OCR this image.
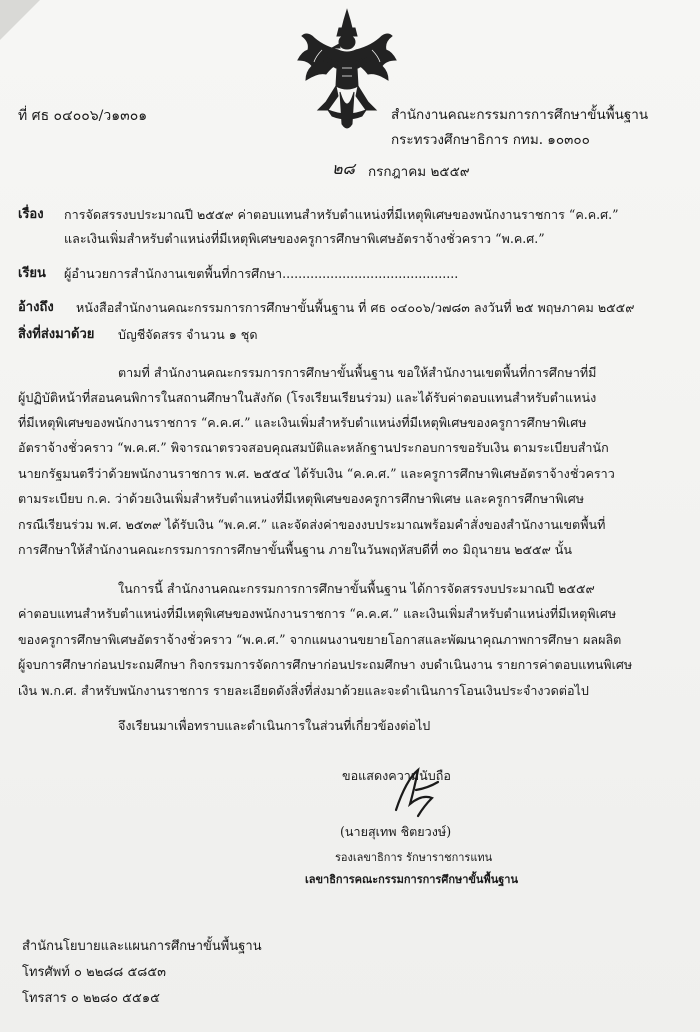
ที่ ศธ ๐๔๐๐๖/ว๑๓๐๑	สำนักงานคณะกรรมการการศึกษาขั้นพื้นฐาน
กระทรวงศึกษาธิการ กทม. ๑๐๓๐๐
๒๘ กรกฎาคม ๒๕๕๙
เรื่อง การจัดสรรงบประมาณปี ๒๕๕๙ ค่าตอบแทนสำหรับตำแหน่งที่มีเหตุพิเศษของพนักงานราชการ “ค.ค.ศ.”
และเงินเพิ่มสำหรับตำแหน่งที่มีเหตุพิเศษของครูการศึกษาพิเศษอัตราจ้างชั่วคราว “พ.ค.ศ.”
เรียน ผู้อำนวยการสำนักงานเขตพื้นที่การศึกษา............................................
อ้างถึง หนังสือสำนักงานคณะกรรมการการศึกษาขั้นพื้นฐาน ที่ ศธ ๐๔๐๐๖/ว๗๘๓ ลงวันที่ ๒๕ พฤษภาคม ๒๕๕๙
สิ่งที่ส่งมาด้วย บัญชีจัดสรร จำนวน ๑ ชุด
ตามที่ สำนักงานคณะกรรมการการศึกษาขั้นพื้นฐาน ขอให้สำนักงานเขตพื้นที่การศึกษาที่มี
ผู้ปฏิบัติหน้าที่สอนคนพิการในสถานศึกษาในสังกัด (โรงเรียนเรียนร่วม) และได้รับค่าตอบแทนสำหรับตำแหน่ง
ที่มีเหตุพิเศษของพนักงานราชการ “ค.ค.ศ.” และเงินเพิ่มสำหรับตำแหน่งที่มีเหตุพิเศษของครูการศึกษาพิเศษ
อัตราจ้างชั่วคราว “พ.ค.ศ.” พิจารณาตรวจสอบคุณสมบัติและหลักฐานประกอบการขอรับเงิน ตามระเบียบสำนัก
นายกรัฐมนตรีว่าด้วยพนักงานราชการ พ.ศ. ๒๕๕๔ ได้รับเงิน “ค.ค.ศ.” และครูการศึกษาพิเศษอัตราจ้างชั่วคราว
ตามระเบียบ ก.ค. ว่าด้วยเงินเพิ่มสำหรับตำแหน่งที่มีเหตุพิเศษของครูการศึกษาพิเศษ และครูการศึกษาพิเศษ
กรณีเรียนร่วม พ.ศ. ๒๕๓๙ ได้รับเงิน “พ.ค.ศ.” และจัดส่งค่าของงบประมาณพร้อมคำสั่งของสำนักงานเขตพื้นที่
การศึกษาให้สำนักงานคณะกรรมการการศึกษาขั้นพื้นฐาน ภายในวันพฤหัสบดีที่ ๓๐ มิถุนายน ๒๕๕๙ นั้น
ในการนี้ สำนักงานคณะกรรมการการศึกษาขั้นพื้นฐาน ได้การจัดสรรงบประมาณปี ๒๕๕๙
ค่าตอบแทนสำหรับตำแหน่งที่มีเหตุพิเศษของพนักงานราชการ “ค.ค.ศ.” และเงินเพิ่มสำหรับตำแหน่งที่มีเหตุพิเศษ
ของครูการศึกษาพิเศษอัตราจ้างชั่วคราว “พ.ค.ศ.” จากแผนงานขยายโอกาสและพัฒนาคุณภาพการศึกษา ผลผลิต
ผู้จบการศึกษาก่อนประถมศึกษา กิจกรรมการจัดการศึกษาก่อนประถมศึกษา งบดำเนินงาน รายการค่าตอบแทนพิเศษ
เงิน พ.ก.ศ. สำหรับพนักงานราชการ รายละเอียดดังสิ่งที่ส่งมาด้วยและจะดำเนินการโอนเงินประจำงวดต่อไป
จึงเรียนมาเพื่อทราบและดำเนินการในส่วนที่เกี่ยวข้องต่อไป
ขอแสดงความนับถือ
(นายสุเทพ ชิตยวงษ์)
รองเลขาธิการ รักษาราชการแทน
เลขาธิการคณะกรรมการการศึกษาขั้นพื้นฐาน
สำนักนโยบายและแผนการศึกษาขั้นพื้นฐาน
โทรศัพท์ ๐ ๒๒๘๘ ๕๘๕๓
โทรสาร ๐ ๒๒๘๐ ๕๕๑๕
